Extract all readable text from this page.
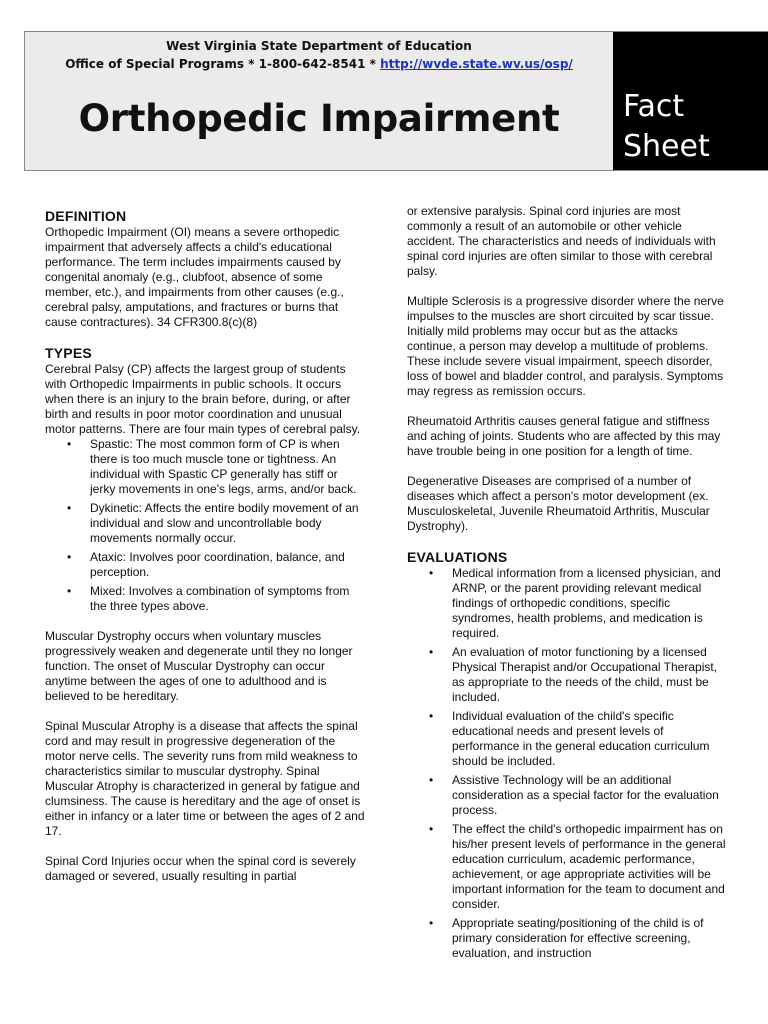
West Virginia State Department of Education
Office of Special Programs * 1-800-642-8541 * http://wvde.state.wv.us/osp/
Orthopedic Impairment	Fact
Sheet
DEFINITION

Orthopedic Impairment (OI) means a severe orthopedic impairment that adversely affects a child's educational performance. The term includes impairments caused by congenital anomaly (e.g., clubfoot, absence of some member, etc.), and impairments from other causes (e.g., cerebral palsy, amputations, and fractures or burns that cause contractures). 34 CFR300.8(c)(8)

TYPES

Cerebral Palsy (CP) affects the largest group of students with Orthopedic Impairments in public schools. It occurs when there is an injury to the brain before, during, or after birth and results in poor motor coordination and unusual motor patterns. There are four main types of cerebral palsy.

• Spastic: The most common form of CP is when there is too much muscle tone or tightness. An individual with Spastic CP generally has stiff or jerky movements in one's legs, arms, and/or back.
• Dykinetic: Affects the entire bodily movement of an individual and slow and uncontrollable body movements normally occur.
• Ataxic: Involves poor coordination, balance, and perception.
• Mixed: Involves a combination of symptoms from the three types above.

Muscular Dystrophy occurs when voluntary muscles progressively weaken and degenerate until they no longer function. The onset of Muscular Dystrophy can occur anytime between the ages of one to adulthood and is believed to be hereditary.

Spinal Muscular Atrophy is a disease that affects the spinal cord and may result in progressive degeneration of the motor nerve cells. The severity runs from mild weakness to characteristics similar to muscular dystrophy. Spinal Muscular Atrophy is characterized in general by fatigue and clumsiness. The cause is hereditary and the age of onset is either in infancy or a later time or between the ages of 2 and 17.

Spinal Cord Injuries occur when the spinal cord is severely damaged or severed, usually resulting in partial

or extensive paralysis. Spinal cord injuries are most commonly a result of an automobile or other vehicle accident. The characteristics and needs of individuals with spinal cord injuries are often similar to those with cerebral palsy.

Multiple Sclerosis is a progressive disorder where the nerve impulses to the muscles are short circuited by scar tissue. Initially mild problems may occur but as the attacks continue, a person may develop a multitude of problems. These include severe visual impairment, speech disorder, loss of bowel and bladder control, and paralysis. Symptoms may regress as remission occurs.

Rheumatoid Arthritis causes general fatigue and stiffness and aching of joints. Students who are affected by this may have trouble being in one position for a length of time.

Degenerative Diseases are comprised of a number of diseases which affect a person's motor development (ex. Musculoskeletal, Juvenile Rheumatoid Arthritis, Muscular Dystrophy).

EVALUATIONS
• Medical information from a licensed physician, and ARNP, or the parent providing relevant medical findings of orthopedic conditions, specific syndromes, health problems, and medication is required.
• An evaluation of motor functioning by a licensed Physical Therapist and/or Occupational Therapist, as appropriate to the needs of the child, must be included.
• Individual evaluation of the child's specific educational needs and present levels of performance in the general education curriculum should be included.
• Assistive Technology will be an additional consideration as a special factor for the evaluation process.
• The effect the child's orthopedic impairment has on his/her present levels of performance in the general education curriculum, academic performance, achievement, or age appropriate activities will be important information for the team to document and consider.
• Appropriate seating/positioning of the child is of primary consideration for effective screening, evaluation, and instruction
